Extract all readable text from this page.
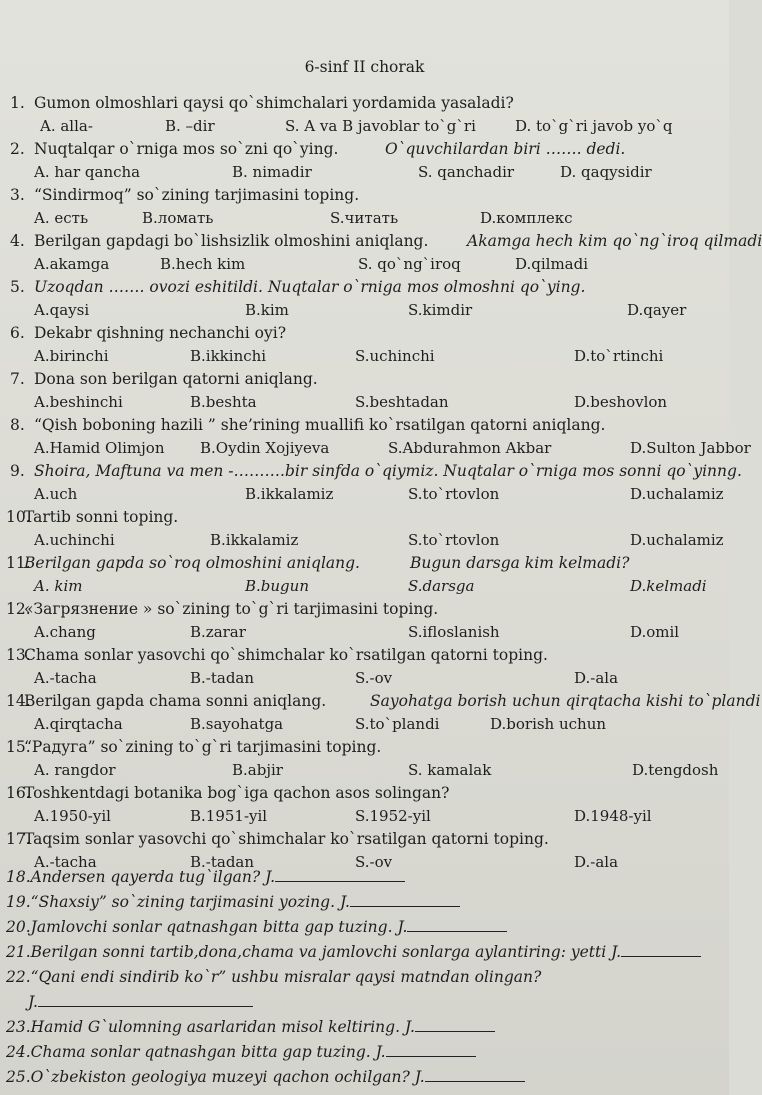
6-sinf II chorak
1. Gumon olmoshlari qaysi qo`shimchalari yordamida yasaladi?
A. alla-	B. –dir	S. A va B javoblar to`g`ri	D. to`g`ri javob yo`q
2. Nuqtalqar o`rniga mos so`zni qo`ying.	O`quvchilardan biri ……. dedi.
A. har qancha	B. nimadir	S. qanchadir	D. qaqysidir
3. “Sindirmoq” so`zining tarjimasini toping.
A. есть	B.ломать	S.читать	D.комплекс
4. Berilgan gapdagi bo`lishsizlik olmoshini aniqlang. Akamga hech kim qo`ng`iroq qilmadi
A.akamga	B.hech kim	S. qo`ng`iroq	D.qilmadi
5. Uzoqdan ……. ovozi eshitildi. Nuqtalar o`rniga mos olmoshni qo`ying.
A.qaysi	B.kim	S.kimdir	D.qayer
6. Dekabr qishning nechanchi oyi?
A.birinchi	B.ikkinchi	S.uchinchi	D.to`rtinchi
7. Dona son berilgan qatorni aniqlang.
A.beshinchi	B.beshta	S.beshtadan	D.beshovlon
8. “Qish boboning hazili ” she’rining muallifi ko`rsatilgan qatorni aniqlang.
A.Hamid Olimjon B.Oydin Xojiyeva	S.Abdurahmon Akbar	D.Sulton Jabbor
9. Shoira, Maftuna va men -……….bir sinfda o`qiymiz. Nuqtalar o`rniga mos sonni qo`yinng.
A.uch	B.ikkalamiz	S.to`rtovlon	D.uchalamiz
10.Tartib sonni toping.
A.uchinchi	B.ikkalamiz	S.to`rtovlon	D.uchalamiz
11.Berilgan gapda so`roq olmoshini aniqlang.	Bugun darsga kim kelmadi?
A. kim	B.bugun	S.darsga	D.kelmadi
12.«Загрязнение » so`zining to`g`ri tarjimasini toping.
A.chang	B.zarar	S.ifloslanish	D.omil
13.Chama sonlar yasovchi qo`shimchalar ko`rsatilgan qatorni toping.
A.-tacha	B.-tadan	S.-ov	D.-ala
14.Berilgan gapda chama sonni aniqlang.	Sayohatga borish uchun qirqtacha kishi to`plandi
A.qirqtacha	B.sayohatga	S.to`plandi	D.borish uchun
15.“Радуга” so`zining to`g`ri tarjimasini toping.
A. rangdor	B.abjir	S. kamalak	D.tengdosh
16.Toshkentdagi botanika bog`iga qachon asos solingan?
A.1950-yil	B.1951-yil	S.1952-yil	D.1948-yil
17.Taqsim sonlar yasovchi qo`shimchalar ko`rsatilgan qatorni toping.
A.-tacha	B.-tadan	S.-ov	D.-ala
18.Andersen qayerda tug`ilgan? J.
19.“Shaxsiy” so`zining tarjimasini yozing. J.
20.Jamlovchi sonlar qatnashgan bitta gap tuzing. J.
21.Berilgan sonni tartib,dona,chama va jamlovchi sonlarga aylantiring: yetti J.
22.“Qani endi sindirib ko`r” ushbu misralar qaysi matndan olingan?
J.
23.Hamid G`ulomning asarlaridan misol keltiring. J.
24.Chama sonlar qatnashgan bitta gap tuzing. J.
25.O`zbekiston geologiya muzeyi qachon ochilgan? J.
